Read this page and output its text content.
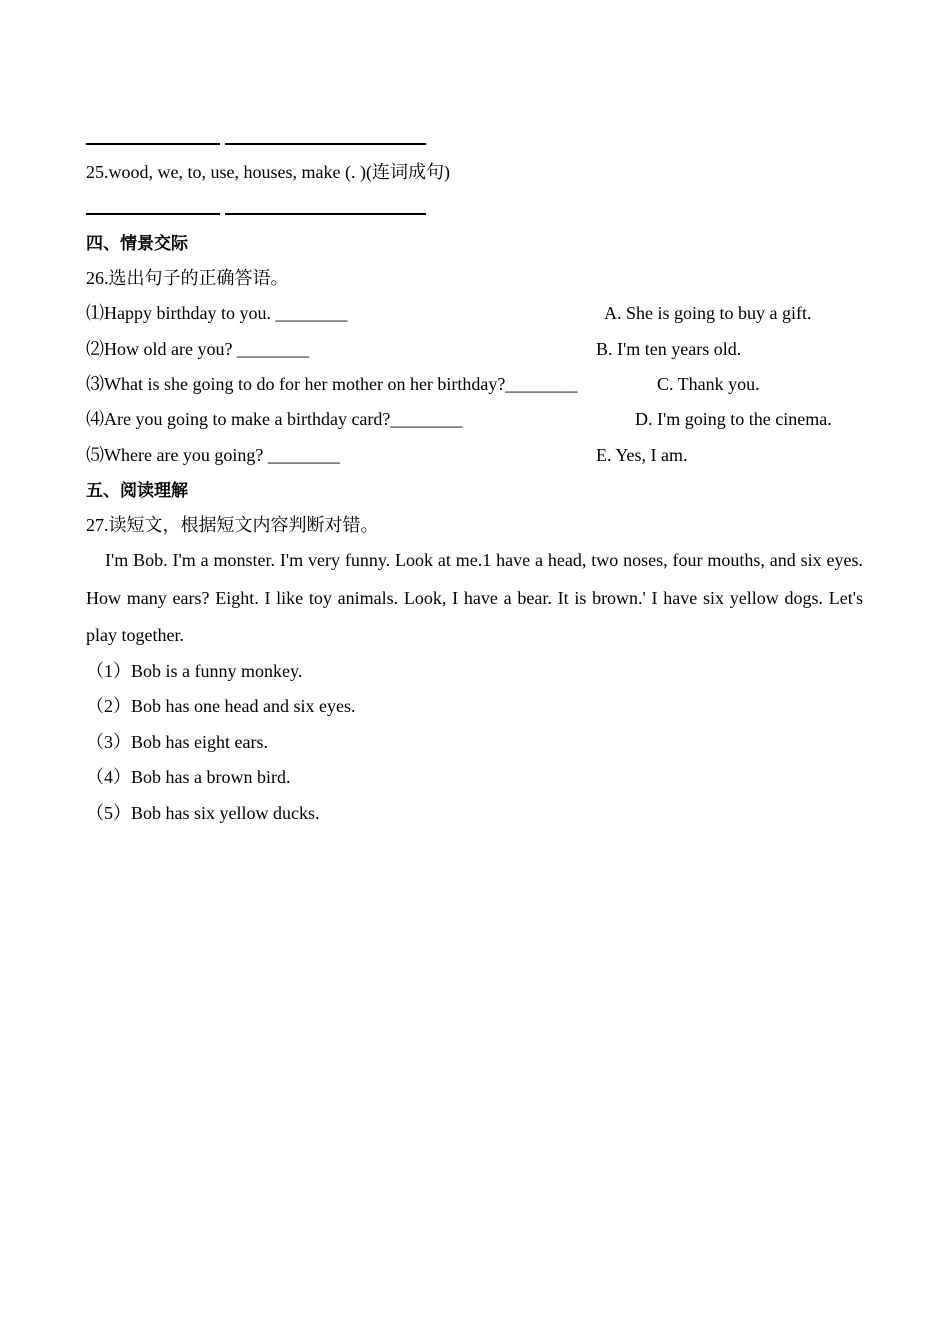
25.wood, we, to, use, houses, make (. )(连词成句)
四、情景交际
26.选出句子的正确答语。
⑴Happy birthday to you. ________	A. She is going to buy a gift.
⑵How old are you? ________	B. I'm ten years old.
⑶What is she going to do for her mother on her birthday?________	C. Thank you.
⑷Are you going to make a birthday card?________	D. I'm going to the cinema.
⑸Where are you going? ________	E. Yes, I am.
五、阅读理解
27.读短文，根据短文内容判断对错。
I'm Bob. I'm a monster. I'm very funny. Look at me.1 have a head, two noses, four mouths, and six eyes. How many ears? Eight. I like toy animals. Look, I have a bear. It is brown.' I have six yellow dogs. Let's play together.
（1）Bob is a funny monkey.
（2）Bob has one head and six eyes.
（3）Bob has eight ears.
（4）Bob has a brown bird.
（5）Bob has six yellow ducks.
